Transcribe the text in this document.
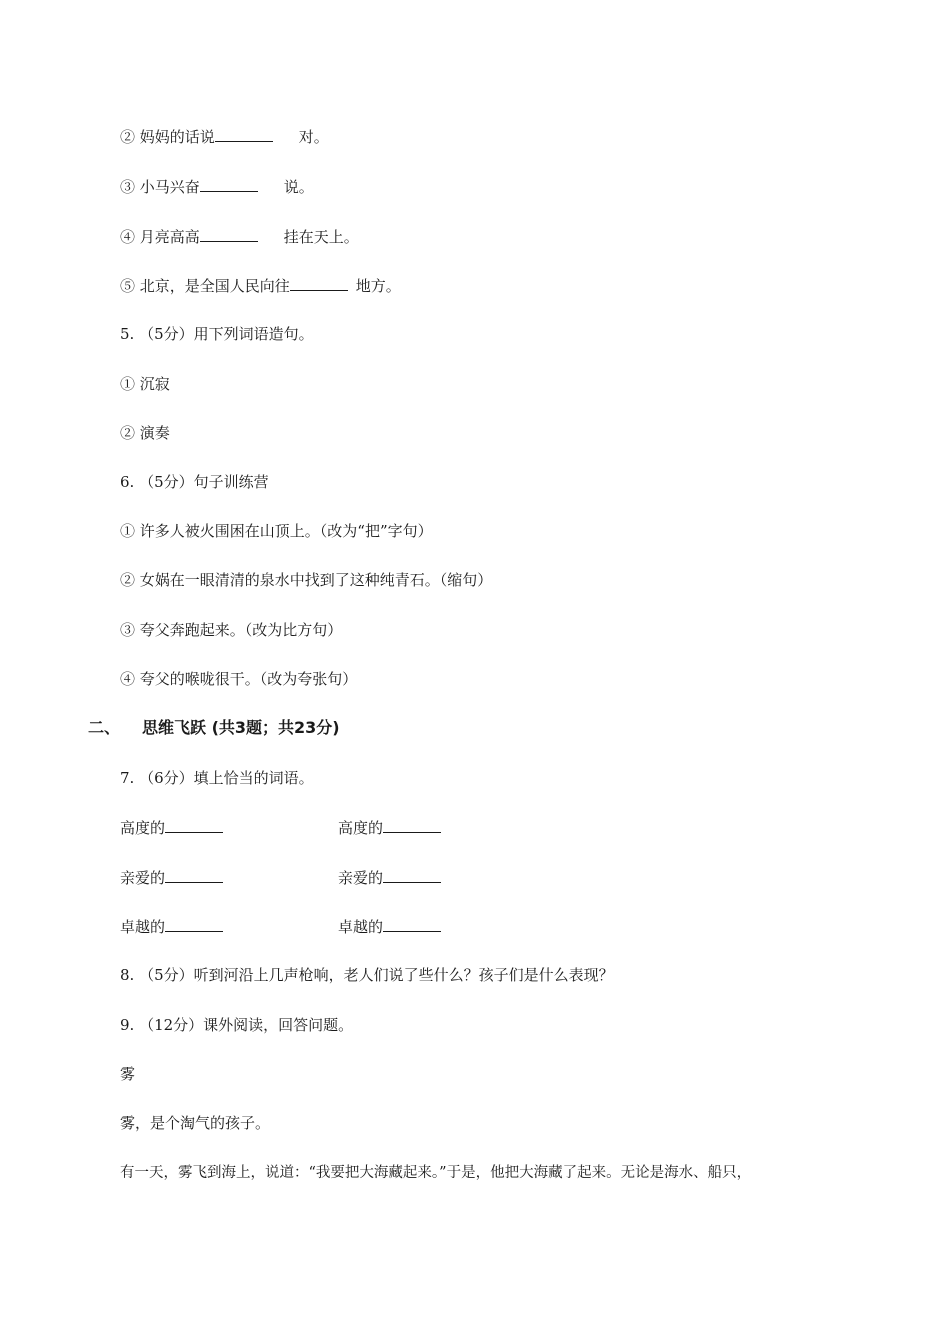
② 妈妈的话说	对。
③ 小马兴奋	说。
④ 月亮高高	挂在天上。
⑤ 北京，是全国人民向往	地方。
5. （5分）用下列词语造句。
① 沉寂
② 演奏
6. （5分）句子训练营
① 许多人被火围困在山顶上。（改为“把”字句）
② 女娲在一眼清清的泉水中找到了这种纯青石。（缩句）
③ 夸父奔跑起来。（改为比方句）
④ 夸父的喉咙很干。（改为夸张句）
二、 思维飞跃 (共3题；共23分)
7. （6分）填上恰当的词语。
高度的	高度的
亲爱的	亲爱的
卓越的	卓越的
8. （5分）听到河沿上几声枪响，老人们说了些什么？孩子们是什么表现？
9. （12分）课外阅读，回答问题。
雾
雾，是个淘气的孩子。
有一天，雾飞到海上，说道：“我要把大海藏起来。”于是，他把大海藏了起来。无论是海水、船只，
